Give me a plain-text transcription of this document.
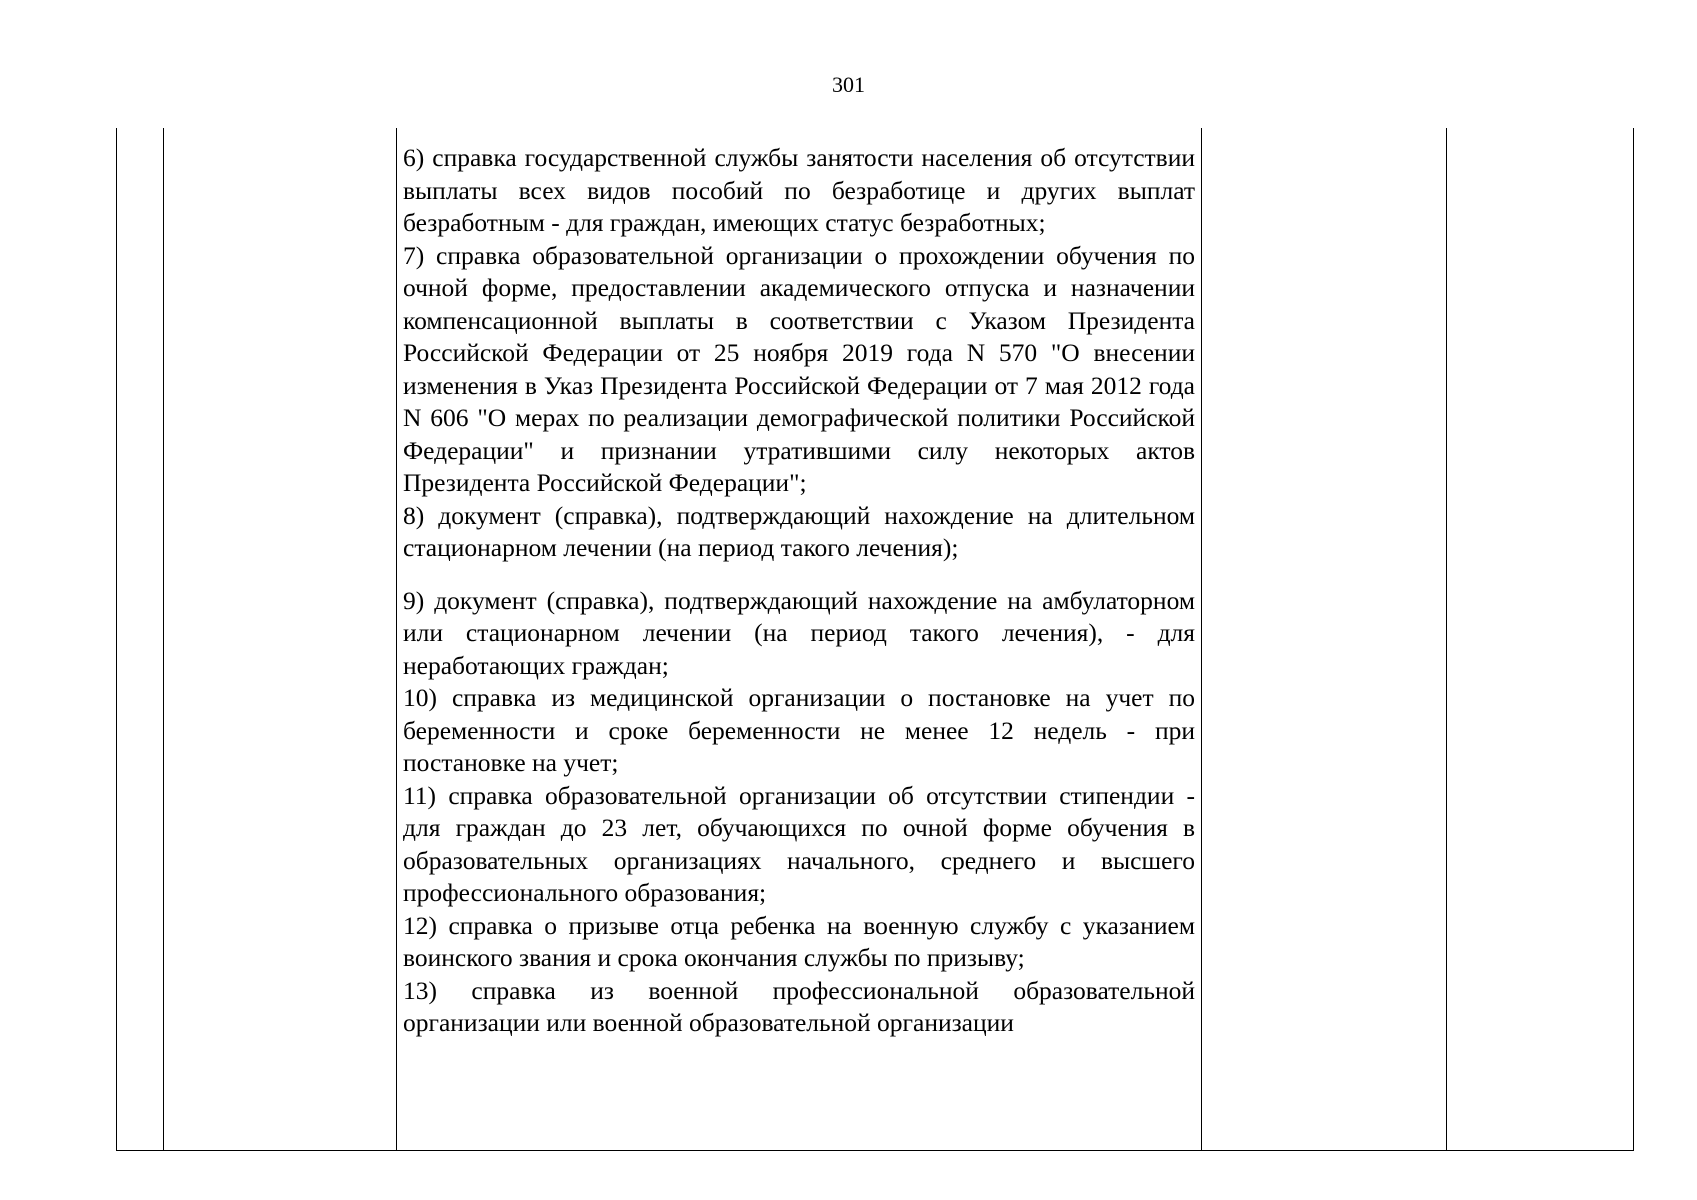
301

6) справка государственной службы занятости населения об отсутствии выплаты всех видов пособий по безработице и других выплат безработным - для граждан, имеющих статус безработных;

7) справка образовательной организации о прохождении обучения по очной форме, предоставлении академического отпуска и назначении компенсационной выплаты в соответствии с Указом Президента Российской Федерации от 25 ноября 2019 года N 570 "О внесении изменения в Указ Президента Российской Федерации от 7 мая 2012 года N 606 "О мерах по реализации демографической политики Российской Федерации" и признании утратившими силу некоторых актов Президента Российской Федерации";

8) документ (справка), подтверждающий нахождение на длительном стационарном лечении (на период такого лечения);

9) документ (справка), подтверждающий нахождение на амбулаторном или стационарном лечении (на период такого лечения), - для неработающих граждан;

10) справка из медицинской организации о постановке на учет по беременности и сроке беременности не менее 12 недель - при постановке на учет;

11) справка образовательной организации об отсутствии стипендии - для граждан до 23 лет, обучающихся по очной форме обучения в образовательных организациях начального, среднего и высшего профессионального образования;

12) справка о призыве отца ребенка на военную службу с указанием воинского звания и срока окончания службы по призыву;

13) справка из военной профессиональной образовательной организации или военной образовательной организации
